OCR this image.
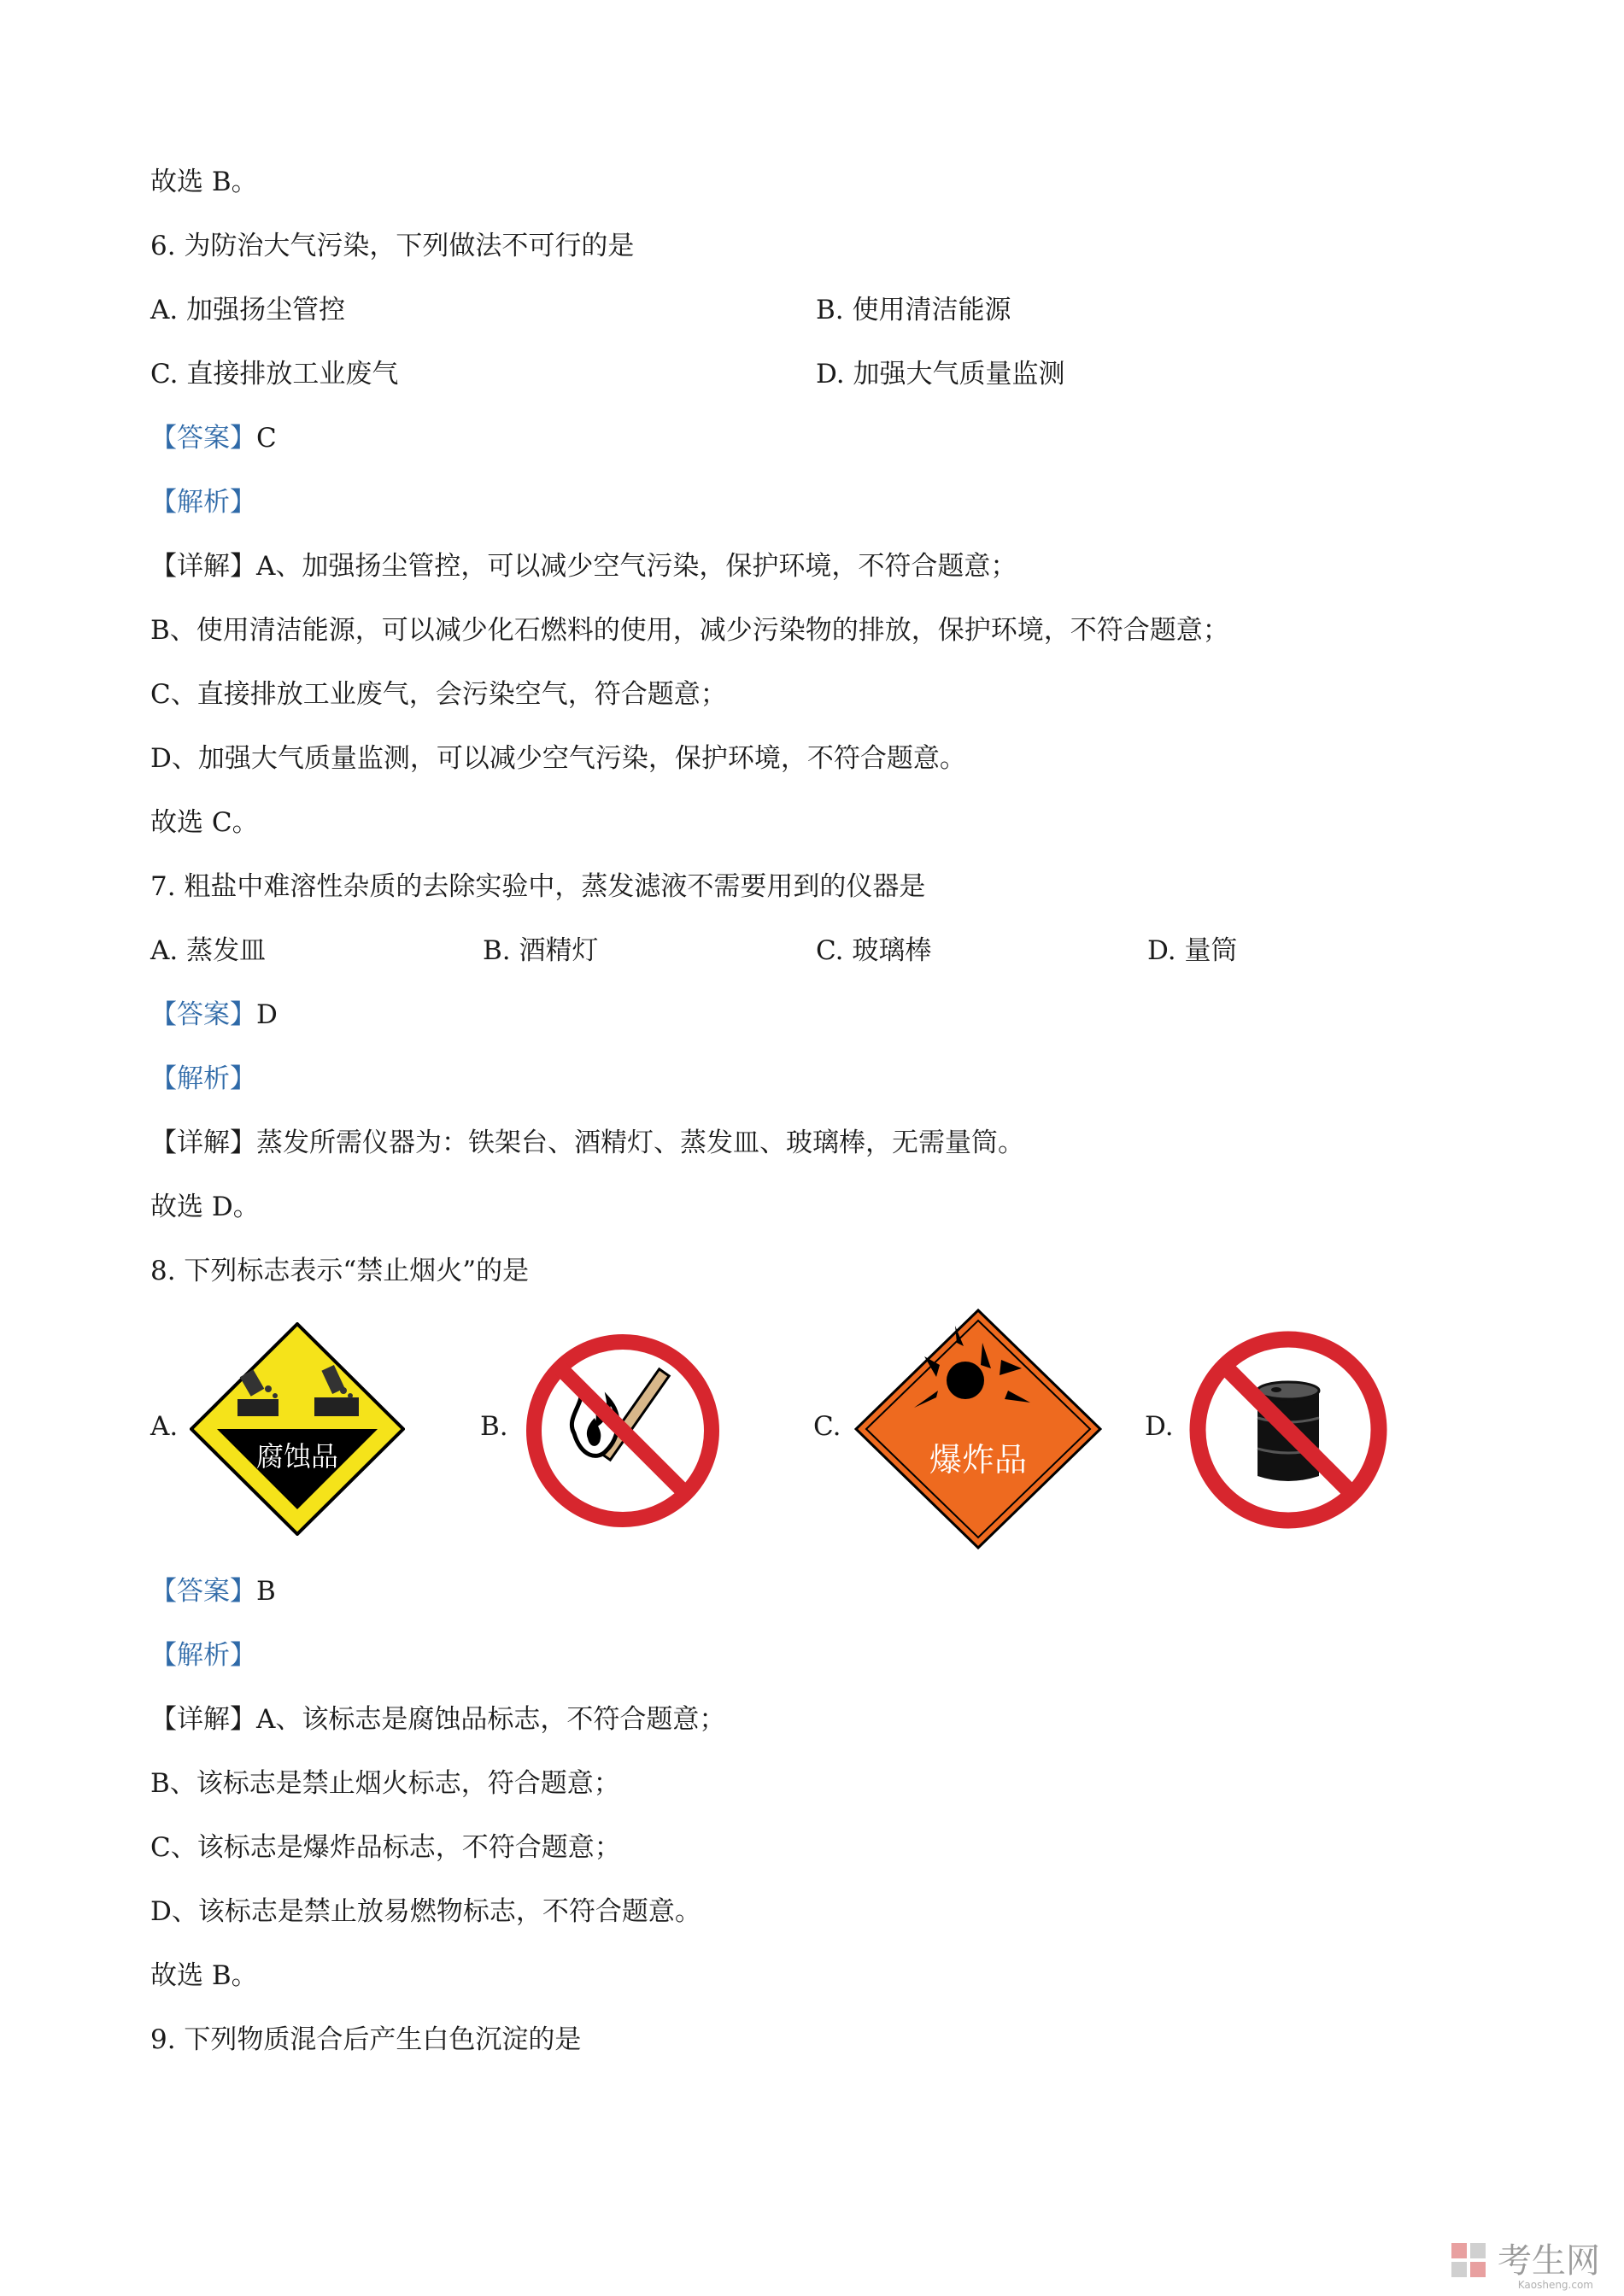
故选 B。
6. 为防治大气污染，下列做法不可行的是
A. 加强扬尘管控	B. 使用清洁能源
C. 直接排放工业废气	D. 加强大气质量监测
【答案】C
【解析】
【详解】A、加强扬尘管控，可以减少空气污染，保护环境，不符合题意；
B、使用清洁能源，可以减少化石燃料的使用，减少污染物的排放，保护环境，不符合题意；
C、直接排放工业废气，会污染空气，符合题意；
D、加强大气质量监测，可以减少空气污染，保护环境，不符合题意。
故选 C。
7. 粗盐中难溶性杂质的去除实验中，蒸发滤液不需要用到的仪器是
A. 蒸发皿	B. 酒精灯	C. 玻璃棒	D. 量筒
【答案】D
【解析】
【详解】蒸发所需仪器为：铁架台、酒精灯、蒸发皿、玻璃棒，无需量筒。
故选 D。
8. 下列标志表示“禁止烟火”的是
A.
腐蚀品
B.	C.
爆炸品
D.
【答案】B
【解析】
【详解】A、该标志是腐蚀品标志，不符合题意；
B、该标志是禁止烟火标志，符合题意；
C、该标志是爆炸品标志，不符合题意；
D、该标志是禁止放易燃物标志，不符合题意。
故选 B。
9. 下列物质混合后产生白色沉淀的是
考生网
Kaosheng.com
